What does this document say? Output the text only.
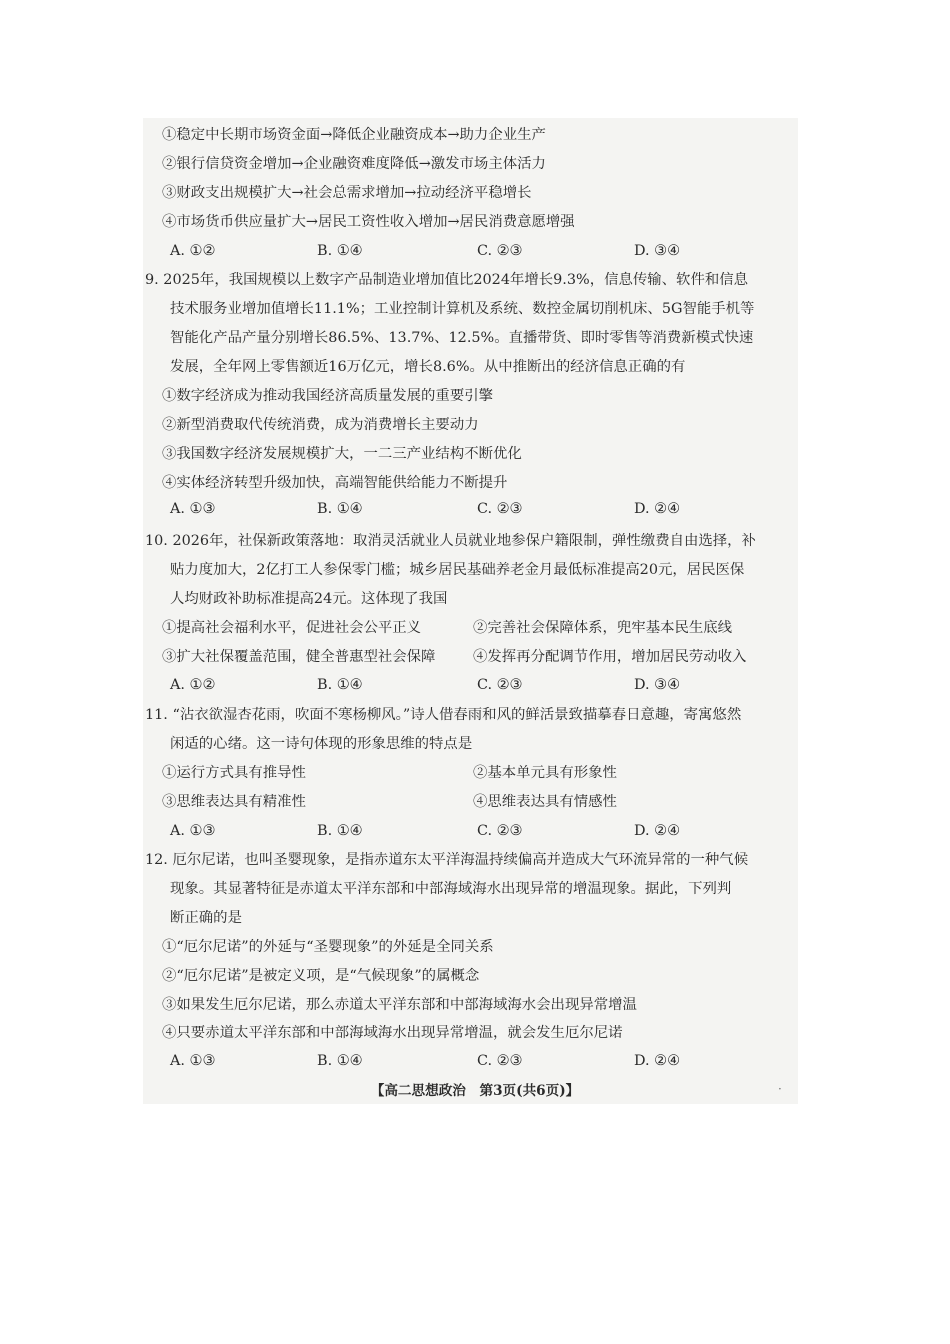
①稳定中长期市场资金面→降低企业融资成本→助力企业生产
②银行信贷资金增加→企业融资难度降低→激发市场主体活力
③财政支出规模扩大→社会总需求增加→拉动经济平稳增长
④市场货币供应量扩大→居民工资性收入增加→居民消费意愿增强
A. ①②	B. ①④	C. ②③	D. ③④
9. 2025年，我国规模以上数字产品制造业增加值比2024年增长9.3%，信息传输、软件和信息
技术服务业增加值增长11.1%；工业控制计算机及系统、数控金属切削机床、5G智能手机等
智能化产品产量分别增长86.5%、13.7%、12.5%。直播带货、即时零售等消费新模式快速
发展，全年网上零售额近16万亿元，增长8.6%。从中推断出的经济信息正确的有
①数字经济成为推动我国经济高质量发展的重要引擎
②新型消费取代传统消费，成为消费增长主要动力
③我国数字经济发展规模扩大，一二三产业结构不断优化
④实体经济转型升级加快，高端智能供给能力不断提升
A. ①③	B. ①④	C. ②③	D. ②④
10. 2026年，社保新政策落地：取消灵活就业人员就业地参保户籍限制，弹性缴费自由选择，补
贴力度加大，2亿打工人参保零门槛；城乡居民基础养老金月最低标准提高20元，居民医保
人均财政补助标准提高24元。这体现了我国
①提高社会福利水平，促进社会公平正义	②完善社会保障体系，兜牢基本民生底线
③扩大社保覆盖范围，健全普惠型社会保障	④发挥再分配调节作用，增加居民劳动收入
A. ①②	B. ①④	C. ②③	D. ③④
11. “沾衣欲湿杏花雨，吹面不寒杨柳风。”诗人借春雨和风的鲜活景致描摹春日意趣，寄寓悠然
闲适的心绪。这一诗句体现的形象思维的特点是
①运行方式具有推导性	②基本单元具有形象性
③思维表达具有精准性	④思维表达具有情感性
A. ①③	B. ①④	C. ②③	D. ②④
12. 厄尔尼诺，也叫圣婴现象，是指赤道东太平洋海温持续偏高并造成大气环流异常的一种气候
现象。其显著特征是赤道太平洋东部和中部海域海水出现异常的增温现象。据此，下列判
断正确的是
①“厄尔尼诺”的外延与“圣婴现象”的外延是全同关系
②“厄尔尼诺”是被定义项，是“气候现象”的属概念
③如果发生厄尔尼诺，那么赤道太平洋东部和中部海域海水会出现异常增温
④只要赤道太平洋东部和中部海域海水出现异常增温，就会发生厄尔尼诺
A. ①③	B. ①④	C. ②③	D. ②④
【高二思想政治　第3页(共6页)】	·
